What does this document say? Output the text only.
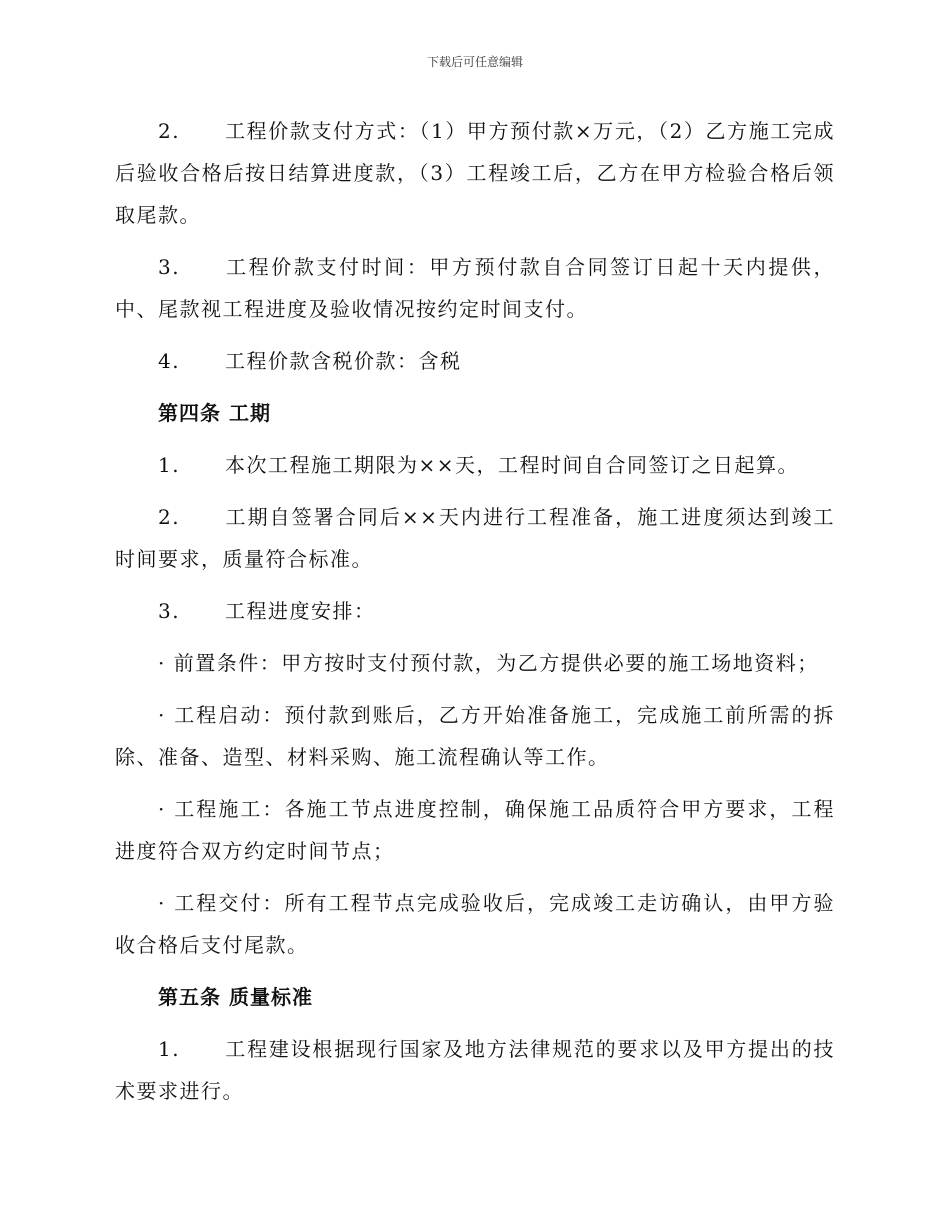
下载后可任意编辑

2. 工程价款支付方式：（1）甲方预付款×万元，（2）乙方施工完成后验收合格后按日结算进度款，（3）工程竣工后，乙方在甲方检验合格后领取尾款。

3. 工程价款支付时间：甲方预付款自合同签订日起十天内提供，中、尾款视工程进度及验收情况按约定时间支付。

4. 工程价款含税价款：含税

第四条 工期

1. 本次工程施工期限为××天，工程时间自合同签订之日起算。

2. 工期自签署合同后××天内进行工程准备，施工进度须达到竣工时间要求，质量符合标准。

3. 工程进度安排：

· 前置条件：甲方按时支付预付款，为乙方提供必要的施工场地资料；

· 工程启动：预付款到账后，乙方开始准备施工，完成施工前所需的拆除、准备、造型、材料采购、施工流程确认等工作。

· 工程施工：各施工节点进度控制，确保施工品质符合甲方要求，工程进度符合双方约定时间节点；

· 工程交付：所有工程节点完成验收后，完成竣工走访确认，由甲方验收合格后支付尾款。

第五条 质量标准

1. 工程建设根据现行国家及地方法律规范的要求以及甲方提出的技术要求进行。
